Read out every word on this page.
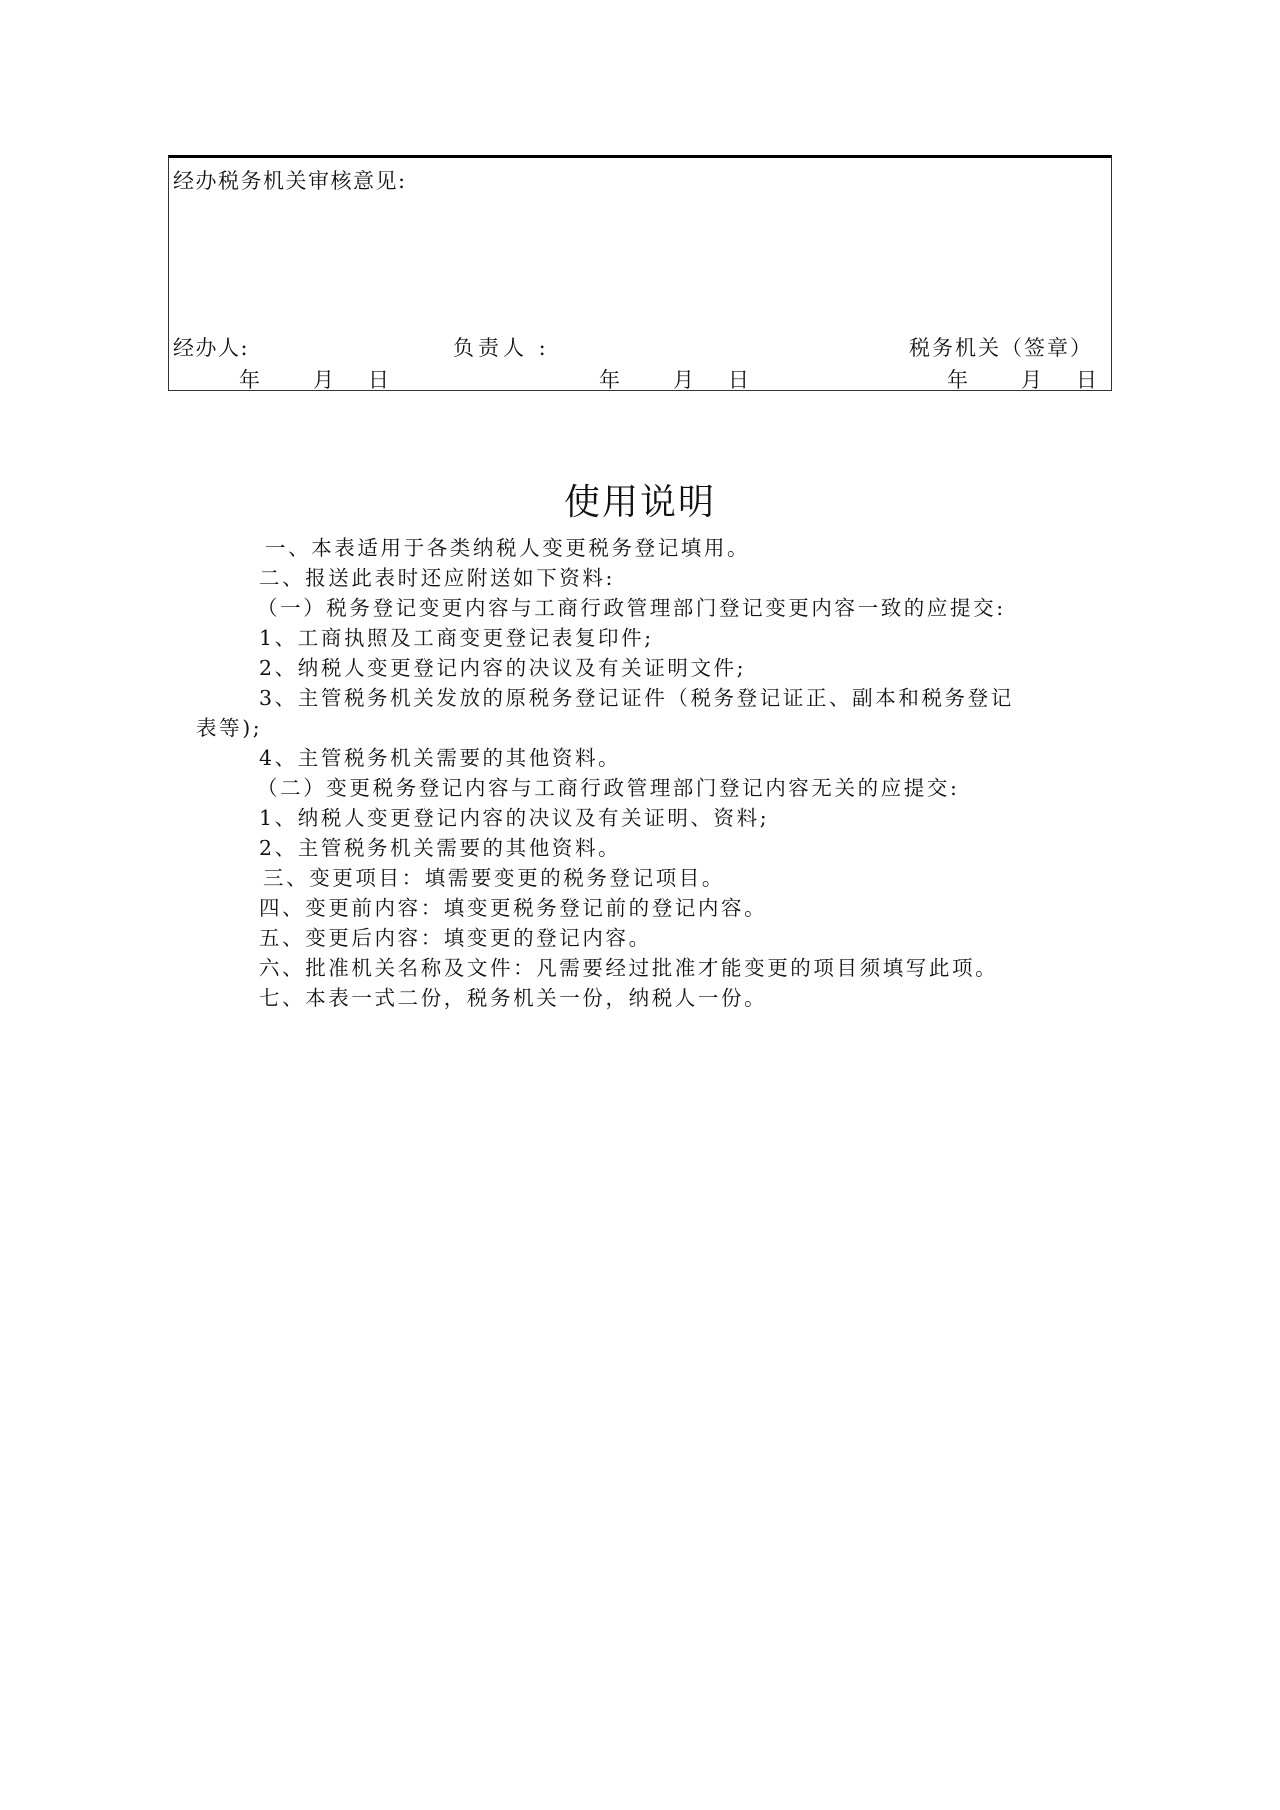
经办税务机关审核意见:
经办人:	负责人 :	税务机关（签章）
年	月	日	年	月	日	年	月	日
使用说明
一、本表适用于各类纳税人变更税务登记填用。
二、报送此表时还应附送如下资料:
（一）税务登记变更内容与工商行政管理部门登记变更内容一致的应提交:
1、工商执照及工商变更登记表复印件;
2、纳税人变更登记内容的决议及有关证明文件;
3、主管税务机关发放的原税务登记证件（税务登记证正、副本和税务登记
表等);
4、主管税务机关需要的其他资料。
（二）变更税务登记内容与工商行政管理部门登记内容无关的应提交:
1、纳税人变更登记内容的决议及有关证明、资料;
2、主管税务机关需要的其他资料。
三、变更项目：填需要变更的税务登记项目。
四、变更前内容：填变更税务登记前的登记内容。
五、变更后内容：填变更的登记内容。
六、批准机关名称及文件：凡需要经过批准才能变更的项目须填写此项。
七、本表一式二份，税务机关一份，纳税人一份。
